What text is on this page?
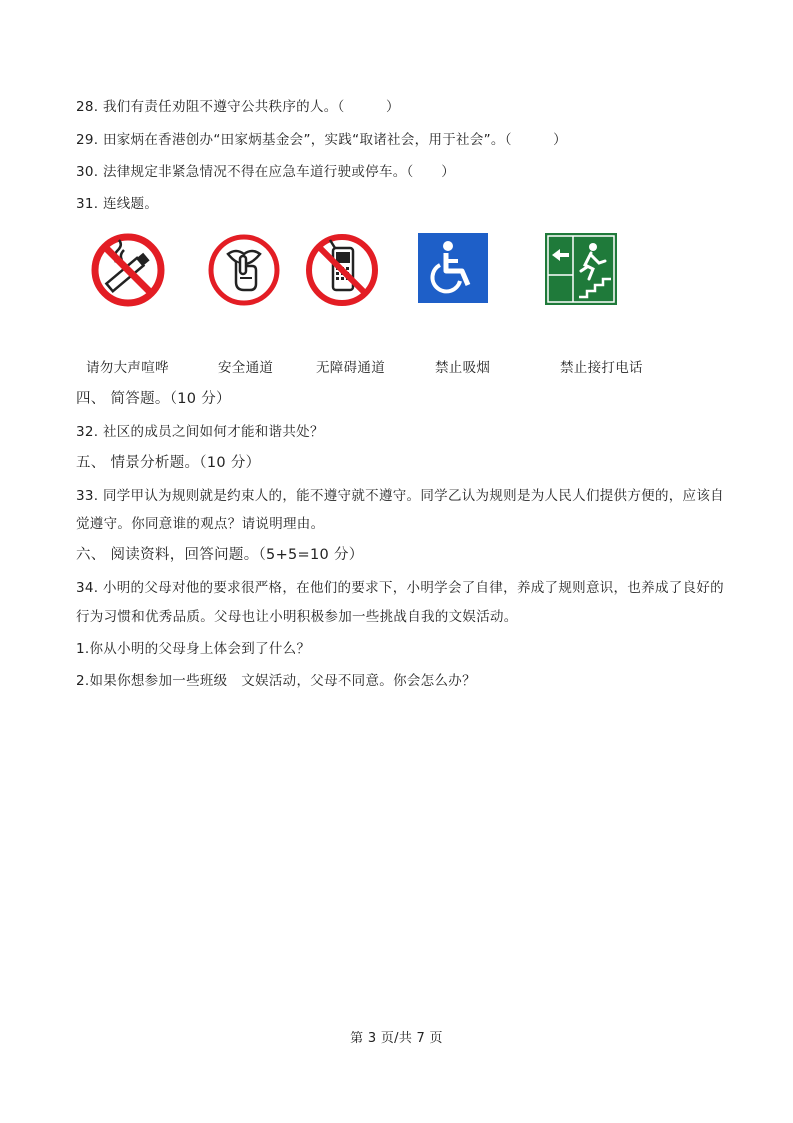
28. 我们有责任劝阻不遵守公共秩序的人。（　　　）
29. 田家炳在香港创办“田家炳基金会”，实践“取诸社会，用于社会”。（　　　）
30. 法律规定非紧急情况不得在应急车道行驶或停车。（　　）
31. 连线题。
请勿大声喧哗	安全通道	无障碍通道	禁止吸烟	禁止接打电话
四、 简答题。（10 分）
32. 社区的成员之间如何才能和谐共处？
五、 情景分析题。（10 分）
33. 同学甲认为规则就是约束人的，能不遵守就不遵守。同学乙认为规则是为人民人们提供方便的，应该自
觉遵守。你同意谁的观点？请说明理由。
六、 阅读资料，回答问题。（5+5=10 分）
34. 小明的父母对他的要求很严格，在他们的要求下，小明学会了自律，养成了规则意识，也养成了良好的
行为习惯和优秀品质。父母也让小明积极参加一些挑战自我的文娱活动。
1.你从小明的父母身上体会到了什么？
2.如果你想参加一些班级　文娱活动，父母不同意。你会怎么办？
第 3 页/共 7 页
